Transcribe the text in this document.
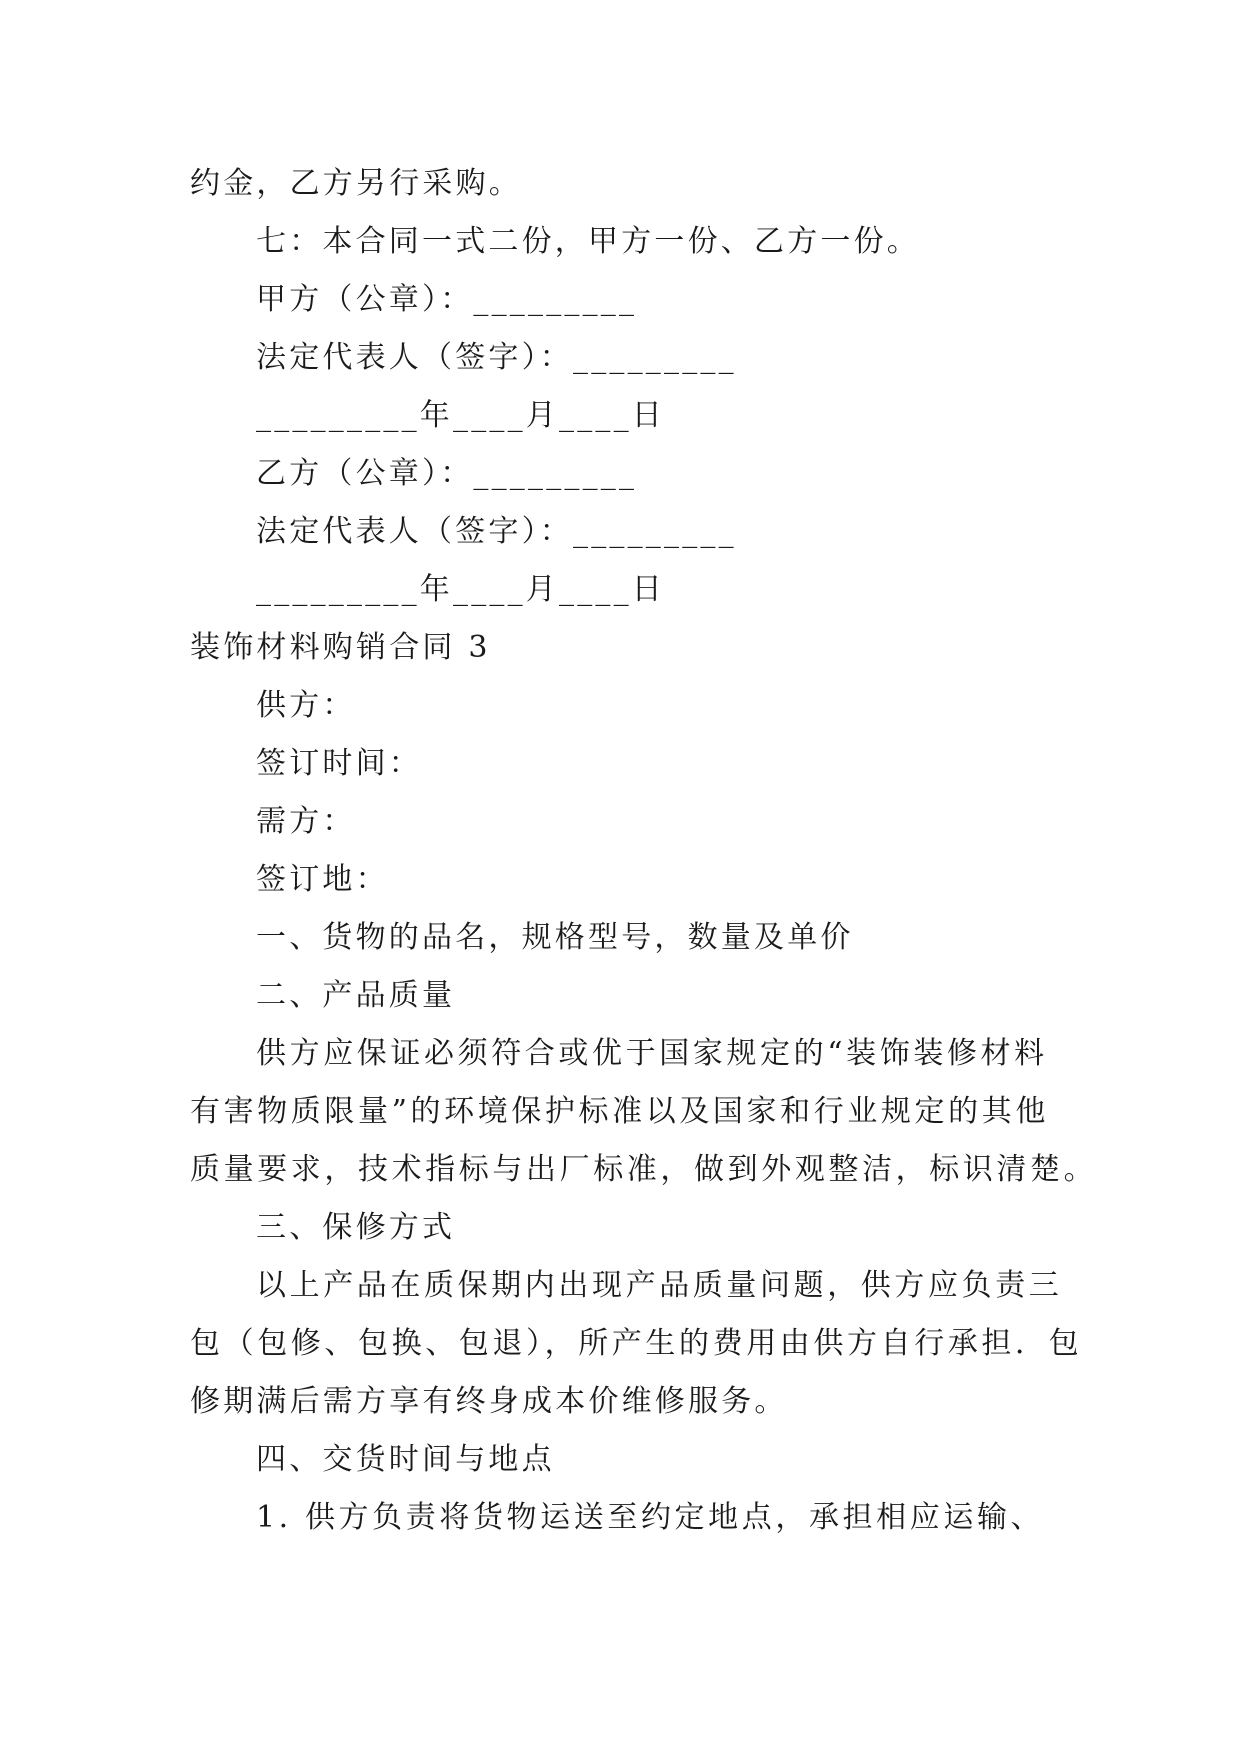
约金，乙方另行采购。
七：本合同一式二份，甲方一份、乙方一份。
甲方（公章）：_________
法定代表人（签字）：_________
_________年____月____日
乙方（公章）：_________
法定代表人（签字）：_________
_________年____月____日
装饰材料购销合同 3
供方：
签订时间：
需方：
签订地：
一、货物的品名，规格型号，数量及单价
二、产品质量
供方应保证必须符合或优于国家规定的“装饰装修材料
有害物质限量”的环境保护标准以及国家和行业规定的其他
质量要求，技术指标与出厂标准，做到外观整洁，标识清楚。
三、保修方式
以上产品在质保期内出现产品质量问题，供方应负责三
包（包修、包换、包退），所产生的费用由供方自行承担．包
修期满后需方享有终身成本价维修服务。
四、交货时间与地点
1. 供方负责将货物运送至约定地点，承担相应运输、
